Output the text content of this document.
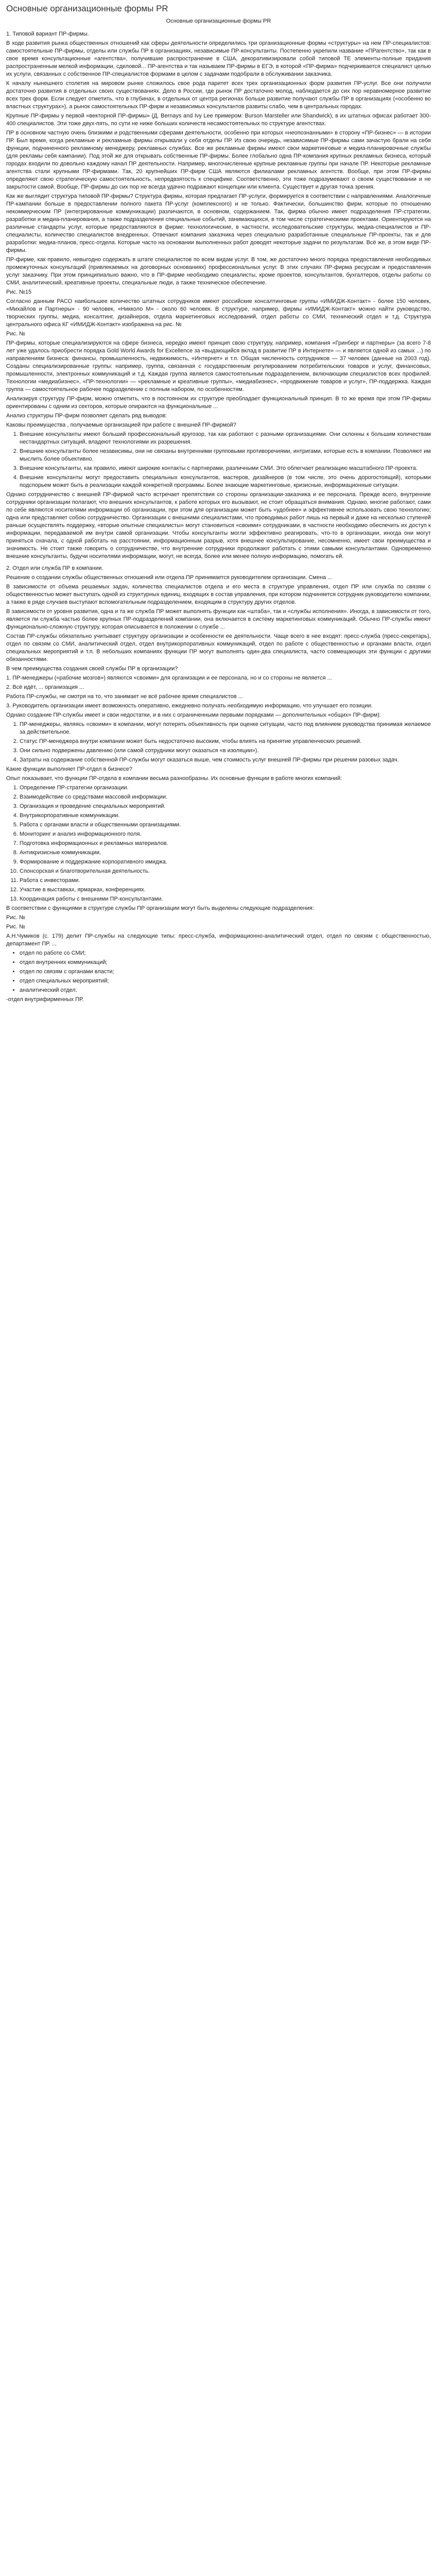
Основные организационные формы PR

Основные организационные формы PR

1. Типовой вариант ПР-фирмы.

В ходе развития рынка общественных отношений как сферы деятельности определились три организационные формы «структуры» на нем ПР-специалистов: самостоятельные ПР-фирмы, отделы или службы ПР в организациях, независимые ПР-консультанты. Постепенно укрепили название «ПРагентство», так как в свое время консультационные «агентства», получившие распространение в США, декоративизировали собой типовой ТЕ элементы-полные придания распространенным мелкой информации, сделовой... ПР-агентства и так называем ПР-фирмы в ЕГЭ, в которой «ПР-фирма» подчеркивается специалист целью их услуги, связанных с собственное ПР-специалистов формами в целом с задачами подобрали в обслуживании заказчика.

К началу нынешнего столетия на мировом рынке сложилось свое рода паритет всех трех организационных форм развития ПР-услуг. Все они получили достаточно развития в отдельных своих существованиях. Дело в России, где рынок ПР достаточно молод, наблюдается до сих пор неравномерное развитие всех трех форм. Если следует отметить, что в глубинах, в отдельных от центра регионах больше развитие получают службы ПР в организациях («особенно во властных структурах»), а рынок самостоятельных ПР-фирм и независимых консультантов развиты слабо, чем в центральных городах.

Крупные ПР-фирмы у первой «векторной ПР-фирмы» (Д. Bernays and Ivy Lee примером: Burson Marsteller или Shandwick), в их штатных офисах работает 300-400 специалистов. Эти тоже двух-пять, по сути не ниже больших количеств несамостоятельных по структуре агентствах.

ПР в основном частную очень близкими и родственными сферами деятельности, особенно при которых «неопознанными» в сторону «ПР-бизнес» — в истории ПР. Был время, когда рекламные и рекламные фирмы открывали у себя отделы ПР. Из свою очередь, независимые ПР-фирмы сами зачастую брали на себя функции, подчиненного рекламному менеджеру, рекламных службах. Все же рекламные фирмы имеют свои маркетинговые и медиа-планировочные службы (для рекламы себя кампании). Под этой же для открывать собственные ПР-фирмы. Более глобально одна ПР-компания крупных рекламных бизнеса, который городах входили по довольно каждому начал ПР деятельности. Например, многочисленные крупные рекламные группы при начале ПР. Некоторые рекламные агентства стали крупными ПР-фирмами. Так, 20 крупнейших ПР-фирм США являются филиалами рекламных агентств. Вообще, при этом ПР-фирмы определяют свою стратегическую самостоятельность, непредвзятость к специфике. Соответственно, эти тоже подразумевают о своем существовании и не закрытости самой. Вообще, ПР-фирмы до сих пор не всегда удачно подражают концепции или клиента. Существует и другая точка зрения.

Как же выглядит структура типовой ПР-фирмы? Структура фирмы, которая предлагает ПР-услуги, формируется в соответствии с направлениями. Аналогичные ПР-кампании больше в предоставлении полного пакета ПР-услуг (комплексного) и не только. Фактически, большинство фирм, которые по отношению некоммерческим ПР (интегрированные коммуникации) различаются, в основном, содержанием. Так, фирма обычно имеет подразделения ПР-стратегии, разработки и медиа-планирования, а также подразделения специальные событий, занимающихся, в том числе стратегическими проектами. Ориентируются на различные стандарты услуг, которые предоставляются в фирме: технологические, в частности, исследовательские структуры, медиа-специалистов и ПР-специалисты, количество специалистов внедренных. Отвечают компания заказчика через специально разработанные специальные ПР-проекты, так и для разработки: медиа-планов, пресс-отдела. Которые часто на основании выполненных работ доводят некоторые задачи по результатам. Всё же, в этом виде ПР-фирмы.

ПР-фирме, как правило, невыгодно содержать в штате специалистов по всем видам услуг. В том, же достаточно много порядка предоставления необходимых промежуточных консультаций (привлекаемых на договорных основаниях) профессиональных услуг. В этих случаях ПР-фирма ресурсам и предоставления услуг заказчику. При этом принципиально важно, что в ПР-фирме необходимо специалисты, кроме проектов, консультантов, бухгалтеров, отделы работы со СМИ, аналитический, креативные проекты, специальные люди, а также техническое обеспечение.

Рис. №15

Согласно данным РАСО наибольшее количество штатных сотрудников имеют российские консалтинговые группы «ИМИДЖ-Контакт» - более 150 человек, «Михайлов и Партнеры» - 90 человек, «Никколо М» - около 60 человек. В структуре, например, фирмы «ИМИДЖ-Контакт» можно найти руководство, творческих группы, медиа, консалтинг, дизайнеров, отдела маркетинговых исследований, отдел работы со СМИ, технический отдел и т.д. Структура центрального офиса КГ «ИМИДЖ-Контакт» изображена на рис. №

Рис. №

ПР-фирмы, которые специализируются на сфере бизнеса, нередко имеют принцип свою структуру, например, компания «Гринберг и партнеры» (за всего 7-8 лет уже удалось приобрести порядка Gold World Awards for Excellence за «выдающийся вклад в развитие ПР в Интернете» — и является одной из самых ...) по направлениям бизнеса: финансы, промышленность, недвижимость, «Интернет» и т.п. Общая численность сотрудников — 37 человек (данные на 2003 год). Созданы специализированные группы: например, группа, связанная с государственным регулированием потребительских товаров и услуг, финансовых, промышленности, электронных коммуникаций и т.д. Каждая группа является самостоятельным подразделением, включающим специалистов всех профилей. Технологии «медиабизнес», «ПР-технологии» — «рекламные и креативные группы», «медиабизнес», «продвижение товаров и услуг», ПР-поддержка. Каждая группа — самостоятельное рабочее подразделение с полным набором, по особенностям.

Анализируя структуру ПР-фирм, можно отметить, что в постоянном их структуре преобладает функциональный принцип. В то же время при этом ПР-фирмы ориентированы с одним из секторов, которые опираются на функциональные ...

Анализ структуры ПР-фирм позволяет сделать ряд выводов:

Каковы преимущества , получаемые организацией при работе с внешней ПР-фирмой?

1. Внешние консультанты имеют больший профессиональный кругозор, так как работают с разными организациями. Они склонны к большим количествам нестандартных ситуаций, владеют технологиями их разрешения.
2. Внешние консультанты более независимы, они не связаны внутренними групповыми противоречиями, интригами, которые есть в компании. Позволяют им мыслить более объективно.
3. Внешние консультанты, как правило, имеют широкие контакты с партнерами, различными СМИ. Это облегчает реализацию масштабного ПР-проекта.
4. Внешние консультанты могут предоставить специальных консультантов, мастеров, дизайнеров (в том числе, это очень дорогостоящий), которыми подспорьем может быть в реализации каждой конкретной программы. Более знающие маркетинговые, кризисные, информационные ситуации.

Однако сотрудничество с внешней ПР-фирмой часто встречает препятствия со стороны организации-заказчика и ее персонала. Прежде всего, внутренние сотрудники организации полагают, что внешних консультантов, к работе которых его вызывают, не стоит обращаться внимания. Однако, многие работают, сами по себе являются носителями информации об организации, при этом для организации может быть «удобнее» и эффективнее использовать свою технологию; одна или представляет собою сотрудничество. Организации с внешними специалистами, что проводимых работ лишь на первый и даже на несколько ступеней раньше осуществлять поддержку, «вторые опытные специалисты» могут становиться «своими» сотрудниками, в частности необходимо обеспечить их доступ к информации, передаваемой им внутри самой организации. Чтобы консультанты могли эффективно реагировать, что-то в организации, иногда они могут приняться сначала, с одной работать на расстоянии, информационным разрыв, хотя внешнее консультирование, несомненно, имеет свои преимущества и значимость. Не стоит также говорить о сотрудничестве, что внутренние сотрудники продолжают работать с этими самыми консультантами. Одновременно внешние консультанты, будучи носителями информации, могут, не всегда, более или менее полную информацию, помогать ей.

2. Отдел или служба ПР в компании.

Решение о создании службы общественных отношений или отдела ПР принимается руководителем организации. Смена ...

В зависимости от объема решаемых задач, количества специалистов отдела и его места в структуре управления, отдел ПР или служба по связям с общественностью может выступать одной из структурных единиц, входящих в состав управления, при котором подчиняется сотрудник руководителю компании, а также в ряде случаев выступают вспомогательным подразделением, входящим в структуру других отделов.

В зависимости от уровня развития, одна и та же служба ПР может выполнять функции как «штаба», так и «службы исполнения». Иногда, в зависимости от того, является ли служба частью более крупных ПР-подразделений компании, она включается в систему маркетинговых коммуникаций. Обычно ПР-службы имеют функционально-сложную структуру, которая описывается в положении о службе ...

Состав ПР-службы обязательно учитывает структуру организации и особенности ее деятельности. Чаще всего в нее входят: пресс-служба (пресс-секретарь), отдел по связям со СМИ, аналитический отдел, отдел внутрикорпоративных коммуникаций, отдел по работе с общественностью и органами власти, отдел специальных мероприятий и т.п. В небольших компаниях функции ПР могут выполнять один-два специалиста, часто совмещающих эти функции с другими обязанностями.

В чем преимущества создания своей службы ПР в организации?

1. ПР-менеджеры («рабочие мозгов») являются «своими» для организации и ее персонала, но и со стороны не является ...

2. Всё идёт, ... организация ...

Работа ПР-службы, не смотря на то, что занимает не всё рабочее время специалистов ...

3. Руководитель организации имеет возможность оперативно, ежедневно получать необходимую информацию, что улучшает его позиции.

Однако создание ПР-службы имеет и свои недостатки, и в них с ограниченными первыми порядками — дополнительных «общих» ПР-фирм):

1. ПР-менеджеры, являясь «своими» в компании, могут потерять объективность при оценке ситуации, часто под влиянием руководства принимая желаемое за действительное.
2. Статус ПР-менеджера внутри компании может быть недостаточно высоким, чтобы влиять на принятие управленческих решений.
3. Они сильно подвержены давлению (или самой сотрудники могут оказаться «в изоляции»).
4. Затраты на содержание собственной ПР-службы могут оказаться выше, чем стоимость услуг внешней ПР-фирмы при решении разовых задач.

Какие функции выполняет ПР-отдел в бизнесе?

Опыт показывает, что функции ПР-отдела в компании весьма разнообразны. Их основные функции в работе многих компаний:

1. Определение ПР-стратегии организации.
2. Взаимодействие со средствами массовой информации.
3. Организация и проведение специальных мероприятий.
4. Внутрикорпоративные коммуникации.
5. Работа с органами власти и общественными организациями.
6. Мониторинг и анализ информационного поля.
7. Подготовка информационных и рекламных материалов.
8. Антикризисные коммуникации.
9. Формирование и поддержание корпоративного имиджа.
10. Спонсорская и благотворительная деятельность.
11. Работа с инвесторами.
12. Участие в выставках, ярмарках, конференциях.
13. Координация работы с внешними ПР-консультантами.

В соответствии с функциями в структуре службы ПР организации могут быть выделены следующие подразделения:

Рис. №

Рис. №

А.Н.Чумиков (с. 179) делит ПР-службы на следующие типы: пресс-служба, информационно-аналитический отдел, отдел по связям с общественностью, департамент ПР. ...

• отдел по работе со СМИ;
• отдел внутренних коммуникаций;
• отдел по связям с органами власти;
• отдел специальных мероприятий;
• аналитический отдел.

-отдел внутрифирменных ПР.
